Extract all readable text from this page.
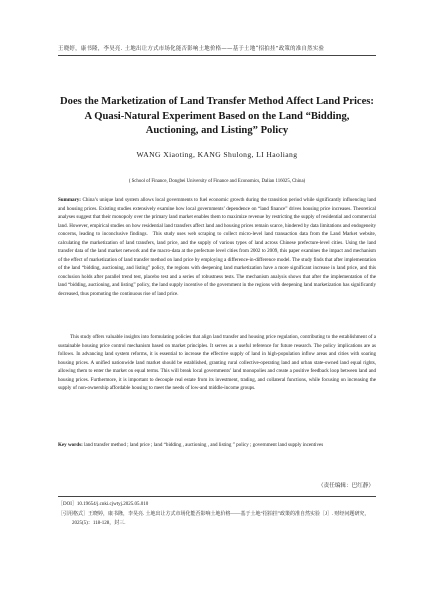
王晓婷，康书隆，李昊亮. 土地出让方式市场化能否影响土地价格——基于土地“招拍挂”政策的准自然实验
Does the Marketization of Land Transfer Method Affect Land Prices: A Quasi-Natural Experiment Based on the Land “Bidding, Auctioning, and Listing” Policy
WANG Xiaoting, KANG Shulong, LI Haoliang
( School of Finance, Dongbei University of Finance and Economics, Dalian 116025, China)
Summary: China’s unique land system allows local governments to fuel economic growth during the transition period while significantly influencing land and housing prices. Existing studies extensively examine how local governments’ dependence on “land finance” drives housing price increases. Theoretical analyses suggest that their monopoly over the primary land market enables them to maximize revenue by restricting the supply of residential and commercial land. However, empirical studies on how residential land transfers affect land and housing prices remain scarce, hindered by data limitations and endogeneity concerns, leading to inconclusive findings. This study uses web scraping to collect micro-level land transaction data from the Land Market website, calculating the marketization of land transfers, land price, and the supply of various types of land across Chinese prefecture-level cities. Using the land transfer data of the land market network and the macro-data at the prefecture level cities from 2002 to 2009, this paper examines the impact and mechanism of the effect of marketization of land transfer method on land price by employing a difference-in-difference model. The study finds that after implementation of the land “bidding, auctioning, and listing” policy, the regions with deepening land marketization have a more significant increase in land price, and this conclusion holds after parallel trend test, placebo test and a series of robustness tests. The mechanism analysis shows that after the implementation of the land “bidding, auctioning, and listing” policy, the land supply incentive of the government in the regions with deepening land marketization has significantly decreased, thus promoting the continuous rise of land price.
This study offers valuable insights into formulating policies that align land transfer and housing price regulation, contributing to the establishment of a sustainable housing price control mechanism based on market principles. It serves as a useful reference for future research. The policy implications are as follows. In advancing land system reforms, it is essential to increase the effective supply of land in high-population inflow areas and cities with soaring housing prices. A unified nationwide land market should be established, granting rural collective-operating land and urban state-owned land equal rights, allowing them to enter the market on equal terms. This will break local governments’ land monopolies and create a positive feedback loop between land and housing prices. Furthermore, it is important to decouple real estate from its investment, trading, and collateral functions, while focusing on increasing the supply of non-ownership affordable housing to meet the needs of low-and middle-income groups.
Key words: land transfer method ; land price ; land “bidding , auctioning , and listing ” policy ; government land supply incentives
（责任编辑：巴红静）
［DOI］10.19654/j.cnki.cjwtyj.2025.05.010
［引用格式］王晓婷，康书隆，李昊亮. 土地出让方式市场化能否影响土地价格——基于土地“招拍挂”政策的准自然实验［J］. 财经问题研究，2025(5)：118-128，封三.
